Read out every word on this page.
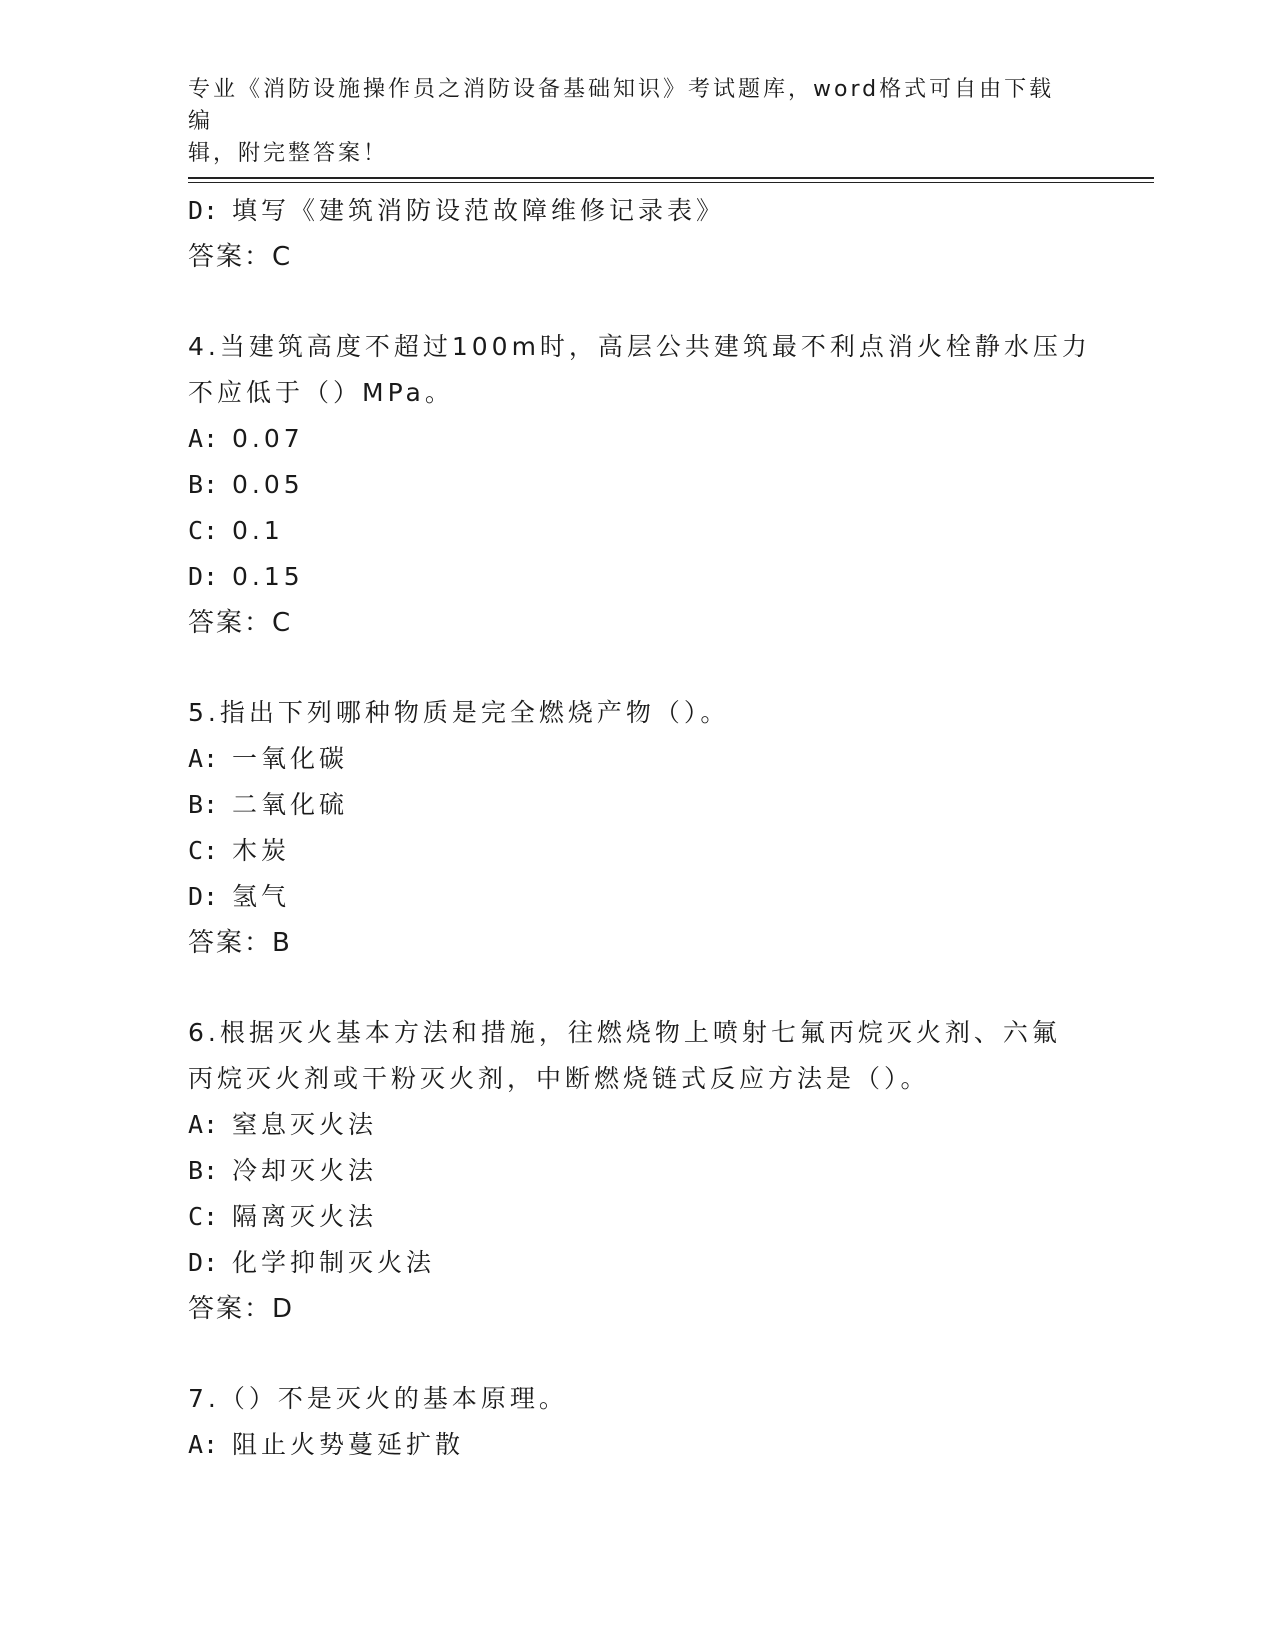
专业《消防设施操作员之消防设备基础知识》考试题库，word格式可自由下载编
辑，附完整答案！
D: 填写《建筑消防设范故障维修记录表》
答案：C
4.当建筑高度不超过100m时，高层公共建筑最不利点消火栓静水压力
不应低于（）MPa。
A: 0.07
B: 0.05
C: 0.1
D: 0.15
答案：C
5.指出下列哪种物质是完全燃烧产物（）。
A: 一氧化碳
B: 二氧化硫
C: 木炭
D: 氢气
答案：B
6.根据灭火基本方法和措施，往燃烧物上喷射七氟丙烷灭火剂、六氟
丙烷灭火剂或干粉灭火剂，中断燃烧链式反应方法是（）。
A: 窒息灭火法
B: 冷却灭火法
C: 隔离灭火法
D: 化学抑制灭火法
答案：D
7.（）不是灭火的基本原理。
A: 阻止火势蔓延扩散
